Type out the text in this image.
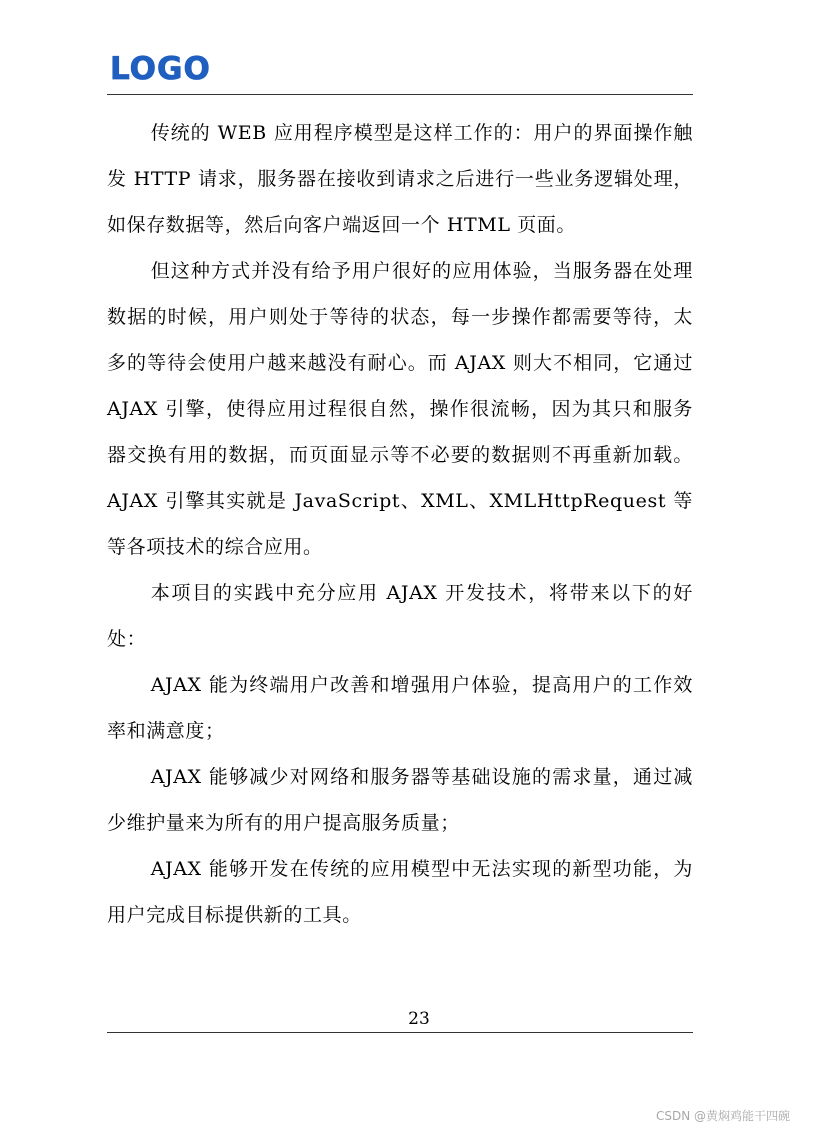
LOGO

传统的 WEB 应用程序模型是这样工作的：用户的界面操作触发 HTTP 请求，服务器在接收到请求之后进行一些业务逻辑处理，如保存数据等，然后向客户端返回一个 HTML 页面。

但这种方式并没有给予用户很好的应用体验，当服务器在处理数据的时候，用户则处于等待的状态，每一步操作都需要等待，太多的等待会使用户越来越没有耐心。而 AJAX 则大不相同，它通过 AJAX 引擎，使得应用过程很自然，操作很流畅，因为其只和服务器交换有用的数据，而页面显示等不必要的数据则不再重新加载。AJAX 引擎其实就是 JavaScript、XML、XMLHttpRequest 等等各项技术的综合应用。

本项目的实践中充分应用 AJAX 开发技术，将带来以下的好处：

AJAX 能为终端用户改善和增强用户体验，提高用户的工作效率和满意度；

AJAX 能够减少对网络和服务器等基础设施的需求量，通过减少维护量来为所有的用户提高服务质量；

AJAX 能够开发在传统的应用模型中无法实现的新型功能，为用户完成目标提供新的工具。

23
CSDN @黄焖鸡能干四碗
